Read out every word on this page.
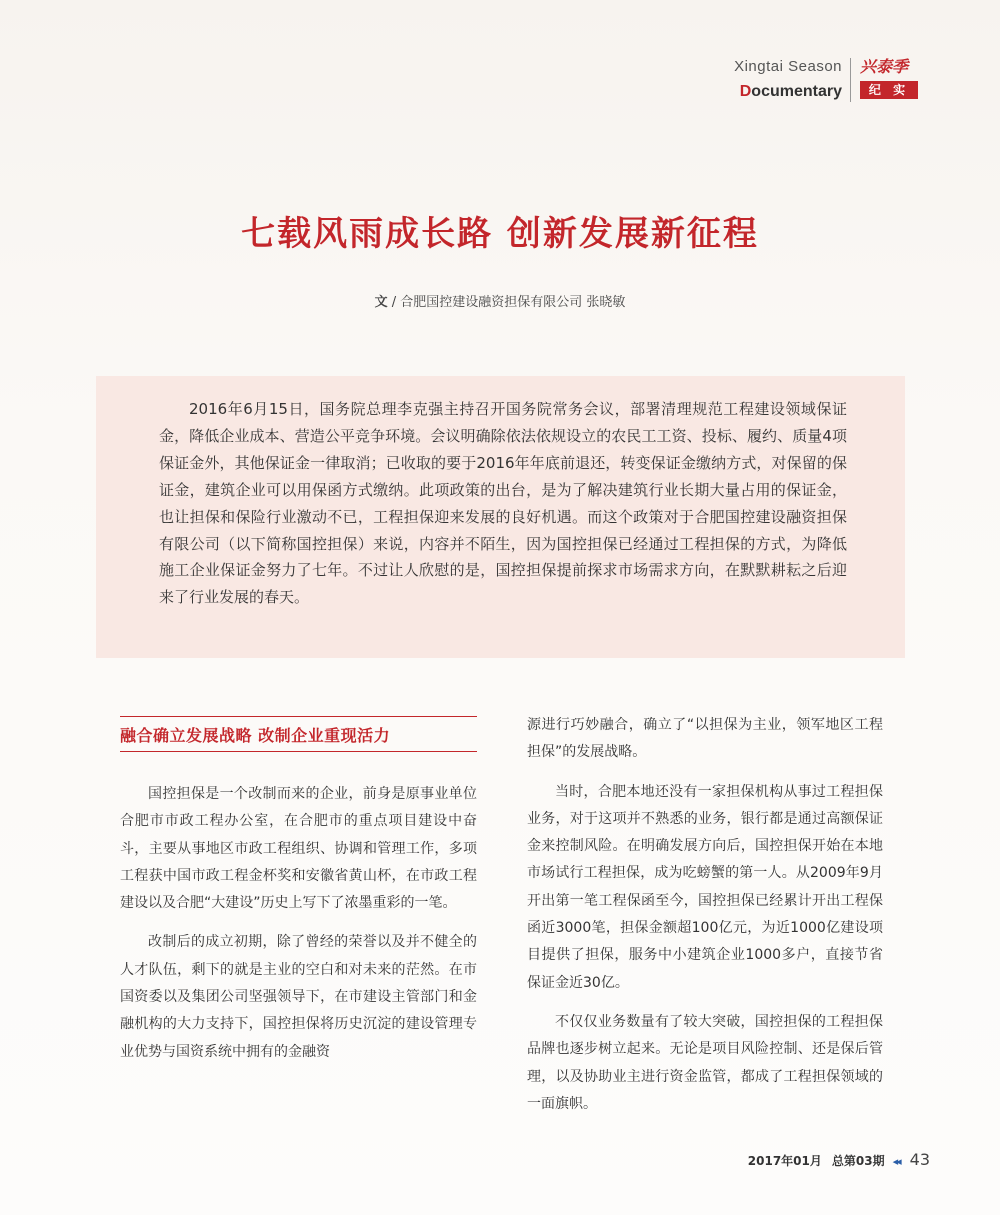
Xingtai Season
Documentary
兴泰季
纪 实
七载风雨成长路 创新发展新征程
文 / 合肥国控建设融资担保有限公司 张晓敏

2016年6月15日，国务院总理李克强主持召开国务院常务会议，部署清理规范工程建设领域保证金，降低企业成本、营造公平竞争环境。会议明确除依法依规设立的农民工工资、投标、履约、质量4项保证金外，其他保证金一律取消；已收取的要于2016年年底前退还，转变保证金缴纳方式，对保留的保证金，建筑企业可以用保函方式缴纳。此项政策的出台，是为了解决建筑行业长期大量占用的保证金，也让担保和保险行业激动不已，工程担保迎来发展的良好机遇。而这个政策对于合肥国控建设融资担保有限公司（以下简称国控担保）来说，内容并不陌生，因为国控担保已经通过工程担保的方式，为降低施工企业保证金努力了七年。不过让人欣慰的是，国控担保提前探求市场需求方向，在默默耕耘之后迎来了行业发展的春天。

融合确立发展战略 改制企业重现活力

国控担保是一个改制而来的企业，前身是原事业单位合肥市市政工程办公室，在合肥市的重点项目建设中奋斗，主要从事地区市政工程组织、协调和管理工作，多项工程获中国市政工程金杯奖和安徽省黄山杯，在市政工程建设以及合肥“大建设”历史上写下了浓墨重彩的一笔。

改制后的成立初期，除了曾经的荣誉以及并不健全的人才队伍，剩下的就是主业的空白和对未来的茫然。在市国资委以及集团公司坚强领导下，在市建设主管部门和金融机构的大力支持下，国控担保将历史沉淀的建设管理专业优势与国资系统中拥有的金融资

源进行巧妙融合，确立了“以担保为主业，领军地区工程担保”的发展战略。

当时，合肥本地还没有一家担保机构从事过工程担保业务，对于这项并不熟悉的业务，银行都是通过高额保证金来控制风险。在明确发展方向后，国控担保开始在本地市场试行工程担保，成为吃螃蟹的第一人。从2009年9月开出第一笔工程保函至今，国控担保已经累计开出工程保函近3000笔，担保金额超100亿元，为近1000亿建设项目提供了担保，服务中小建筑企业1000多户，直接节省保证金近30亿。

不仅仅业务数量有了较大突破，国控担保的工程担保品牌也逐步树立起来。无论是项目风险控制、还是保后管理，以及协助业主进行资金监管，都成了工程担保领域的一面旗帜。

2017年01月 总第03期 ◂◂ 43
